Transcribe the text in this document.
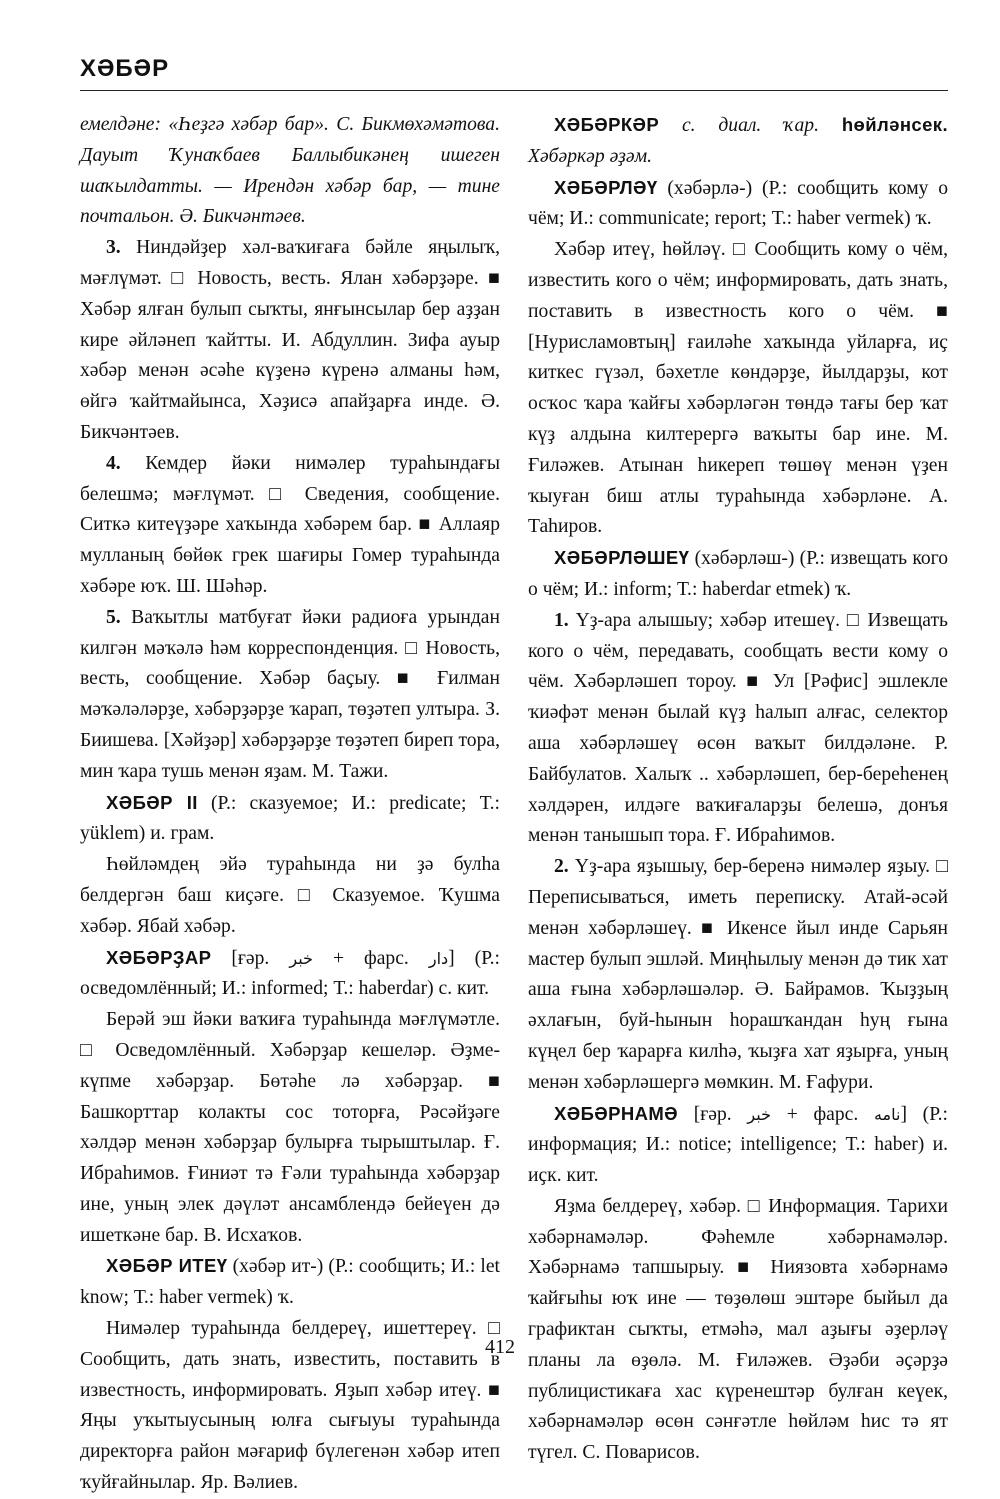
ХӘБӘР

емелдәне: «Һеҙгә хәбәр бар». С. Бикмөхәмәтова. Дауыт Ҡунаҡбаев Баллыбикәнең ишеген шаҡылдатты. — Ирендән хәбәр бар, — тине почтальон. Ә. Бикчәнтәев.

3. Ниндәйҙер хәл-ваҡиғаға бәйле яңылыҡ, мәғлүмәт. □ Новость, весть. Ялан хәбәрҙәре. ■ Хәбәр ялған булып сыҡты, янғынсылар бер аҙҙан кире әйләнеп ҡайтты. И. Абдуллин. Зифа ауыр хәбәр менән әсәһе күҙенә күренә алманы һәм, өйгә ҡайтмайынса, Хәҙисә апайҙарға инде. Ә. Бикчәнтәев.

4. Кемдер йәки нимәлер тураһындағы белешмә; мәғлүмәт. □ Сведения, сообщение. Ситкә китеүҙәре хаҡында хәбәрем бар. ■ Аллаяр мулланың бөйөк грек шағиры Гомер тураһында хәбәре юҡ. Ш. Шәһәр.

5. Ваҡытлы матбуғат йәки радиоға урындан килгән мәҡәлә һәм корреспонденция. □ Новость, весть, сообщение. Хәбәр баҫыу. ■ Ғилман мәҡәләләрҙе, хәбәрҙәрҙе ҡарап, төҙәтеп ултыра. З. Биишева. [Хәйҙәр] хәбәрҙәрҙе төҙәтеп биреп тора, мин ҡара тушь менән яҙам. М. Тажи.

ХӘБӘР II (Р.: сказуемое; И.: predicate; Т.: yüklem) и. грам.

Һөйләмдең эйә тураһында ни ҙә булһа белдергән баш киҫәге. □ Сказуемое. Ҡушма хәбәр. Ябай хәбәр.

ХӘБӘРҘАР [ғәр. خبر + фарс. دار] (Р.: осведомлённый; И.: informed; Т.: haberdar) с. кит.

Берәй эш йәки ваҡиға тураһында мәғлүмәтле. □ Осведомлённый. Хәбәрҙар кешеләр. Әҙме-күпме хәбәрҙар. Бөтәһе лә хәбәрҙар. ■ Башкорттар колакты сос тоторға, Рәсәйҙәге хәлдәр менән хәбәрҙар булырға тырыштылар. Ғ. Ибраһимов. Ғиниәт тә Ғәли тураһында хәбәрҙар ине, уның элек дәүләт ансамблендә бейеүен дә ишеткәне бар. В. Исхаҡов.

ХӘБӘР ИТЕҮ (хәбәр ит-) (Р.: сообщить; И.: let know; Т.: haber vermek) ҡ.

Нимәлер тураһында белдереү, ишеттереү. □ Сообщить, дать знать, известить, поставить в известность, информировать. Яҙып хәбәр итеү. ■ Яңы уҡытыусының юлға сығыуы тураһында директорға район мәғариф бүлегенән хәбәр итеп ҡуйғайнылар. Яр. Вәлиев.

ХӘБӘРКӘР с. диал. ҡар. һөйләнсек. Хәбәркәр әҙәм.

ХӘБӘРЛӘҮ (хәбәрлә-) (Р.: сообщить кому о чём; И.: communicate; report; Т.: haber vermek) ҡ.

Хәбәр итеү, һөйләү. □ Сообщить кому о чём, известить кого о чём; информировать, дать знать, поставить в известность кого о чём. ■ [Нурисламовтың] ғаиләһе хаҡында уйларға, иҫ киткес гүзәл, бәхетле көндәрҙе, йылдарҙы, кот осҡос ҡара ҡайғы хәбәрләгән төндә тағы бер ҡат күҙ алдына килтерергә ваҡыты бар ине. М. Ғиләжев. Атынан һикереп төшөү менән үҙен ҡыуған биш атлы тураһында хәбәрләне. А. Таһиров.

ХӘБӘРЛӘШЕҮ (хәбәрләш-) (Р.: извещать кого о чём; И.: inform; Т.: haberdar etmek) ҡ.

1. Үҙ-ара алышыу; хәбәр итешеү. □ Извещать кого о чём, передавать, сообщать вести кому о чём. Хәбәрләшеп тороу. ■ Ул [Рәфис] эшлекле ҡиәфәт менән былай күҙ һалып алғас, селектор аша хәбәрләшеү өсөн ваҡыт билдәләне. Р. Байбулатов. Халыҡ .. хәбәрләшеп, бер-береһенең хәлдәрен, илдәге ваҡиғаларҙы белешә, донъя менән танышып тора. Ғ. Ибраһимов.

2. Үҙ-ара яҙышыу, бер-беренә нимәлер яҙыу. □ Переписываться, иметь переписку. Атай-әсәй менән хәбәрләшеү. ■ Икенсе йыл инде Сарьян мастер булып эшләй. Миңһылыу менән дә тик хат аша ғына хәбәрләшәләр. Ә. Байрамов. Ҡыҙҙың әхлағын, буй-һынын һорашҡандан һуң ғына күңел бер ҡарарға килһә, ҡыҙға хат яҙырға, уның менән хәбәрләшергә мөмкин. М. Ғафури.

ХӘБӘРНАМӘ [ғәр. خبر + фарс. نامه] (Р.: информация; И.: notice; intelligence; Т.: haber) и. иҫк. кит.

Яҙма белдереү, хәбәр. □ Информация. Тарихи хәбәрнамәләр. Фәһемле хәбәрнамәләр. Хәбәрнамә тапшырыу. ■ Ниязовта хәбәрнамә ҡайғыһы юҡ ине — төҙөлөш эштәре быйыл да графиктан сыҡты, етмәһә, мал аҙығы әҙерләү планы ла өҙөлә. М. Ғиләжев. Әҙәби әҫәрҙә публицистикаға хас күренештәр булған кеүек, хәбәрнамәләр өсөн сәнғәтле һөйләм һис тә ят түгел. С. Поварисов.

412
